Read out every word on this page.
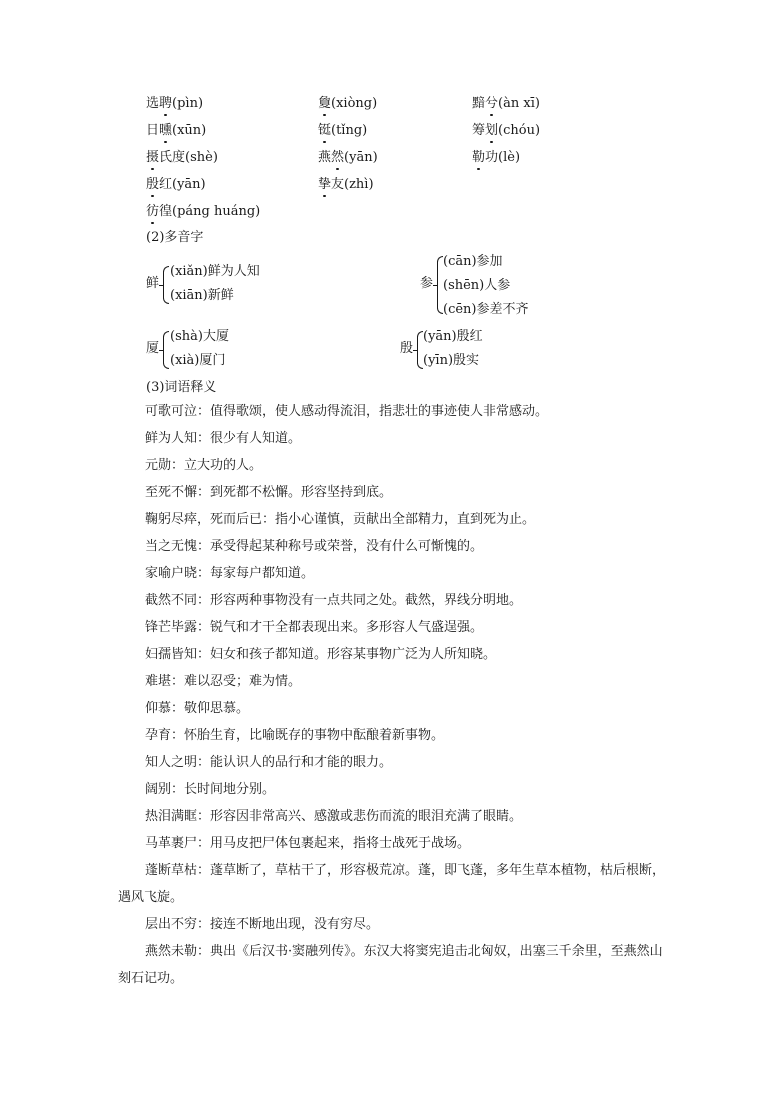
选聘(pìn)	敻(xiòng)	黯兮(àn xī)
日曛(xūn)	铤(tǐng)	筹划(chóu)
摄氏度(shè)	燕然(yān)	勒功(lè)
殷红(yān)	挚友(zhì)
彷徨(páng huáng)
(2)多音字
鲜
(xiǎn)鲜为人知
(xiān)新鲜
参
(cān)参加
(shēn)人参
(cēn)参差不齐
厦
(shà)大厦
(xià)厦门
殷
(yān)殷红
(yīn)殷实
(3)词语释义
可歌可泣：值得歌颂，使人感动得流泪，指悲壮的事迹使人非常感动。
鲜为人知：很少有人知道。
元勋：立大功的人。
至死不懈：到死都不松懈。形容坚持到底。
鞠躬尽瘁，死而后已：指小心谨慎，贡献出全部精力，直到死为止。
当之无愧：承受得起某种称号或荣誉，没有什么可惭愧的。
家喻户晓：每家每户都知道。
截然不同：形容两种事物没有一点共同之处。截然，界线分明地。
锋芒毕露：锐气和才干全都表现出来。多形容人气盛逞强。
妇孺皆知：妇女和孩子都知道。形容某事物广泛为人所知晓。
难堪：难以忍受；难为情。
仰慕：敬仰思慕。
孕育：怀胎生育，比喻既存的事物中酝酿着新事物。
知人之明：能认识人的品行和才能的眼力。
阔别：长时间地分别。
热泪满眶：形容因非常高兴、感激或悲伤而流的眼泪充满了眼睛。
马革裹尸：用马皮把尸体包裹起来，指将士战死于战场。
蓬断草枯：蓬草断了，草枯干了，形容极荒凉。蓬，即飞蓬，多年生草本植物，枯后根断，遇风飞旋。
层出不穷：接连不断地出现，没有穷尽。
燕然未勒：典出《后汉书·窦融列传》。东汉大将窦宪追击北匈奴，出塞三千余里，至燕然山刻石记功。
